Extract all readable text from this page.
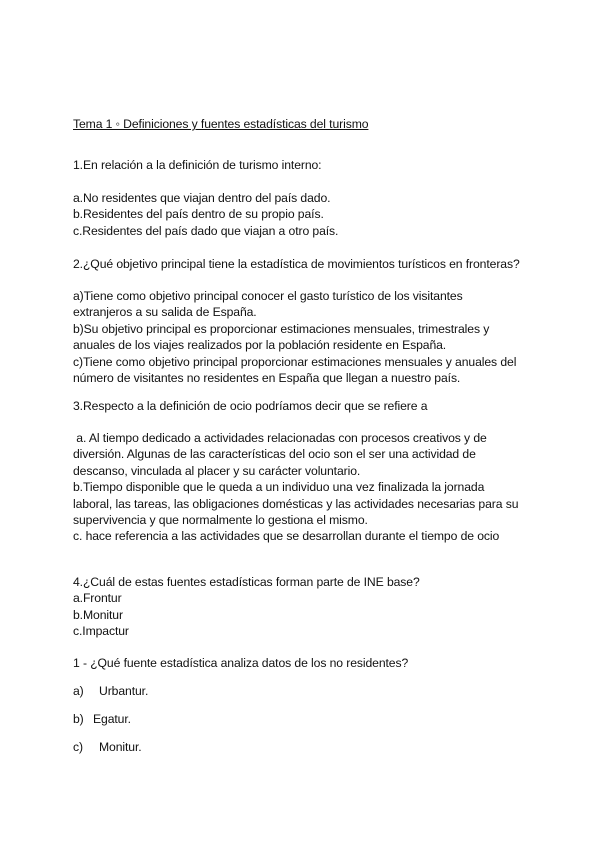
Tema 1 ◦ Definiciones y fuentes estadísticas del turismo
1.En relación a la definición de turismo interno:
a.No residentes que viajan dentro del país dado.
b.Residentes del país dentro de su propio país.
c.Residentes del país dado que viajan a otro país.
2.¿Qué objetivo principal tiene la estadística de movimientos turísticos en fronteras?
a)Tiene como objetivo principal conocer el gasto turístico de los visitantes
extranjeros a su salida de España.
b)Su objetivo principal es proporcionar estimaciones mensuales, trimestrales y
anuales de los viajes realizados por la población residente en España.
c)Tiene como objetivo principal proporcionar estimaciones mensuales y anuales del
número de visitantes no residentes en España que llegan a nuestro país.
3.Respecto a la definición de ocio podríamos decir que se refiere a
a. Al tiempo dedicado a actividades relacionadas con procesos creativos y de
diversión. Algunas de las características del ocio son el ser una actividad de
descanso, vinculada al placer y su carácter voluntario.
b.Tiempo disponible que le queda a un individuo una vez finalizada la jornada
laboral, las tareas, las obligaciones domésticas y las actividades necesarias para su
supervivencia y que normalmente lo gestiona el mismo.
c. hace referencia a las actividades que se desarrollan durante el tiempo de ocio
4.¿Cuál de estas fuentes estadísticas forman parte de INE base?
a.Frontur
b.Monitur
c.Impactur
1 - ¿Qué fuente estadística analiza datos de los no residentes?
a) Urbantur.
b) Egatur.
c) Monitur.
